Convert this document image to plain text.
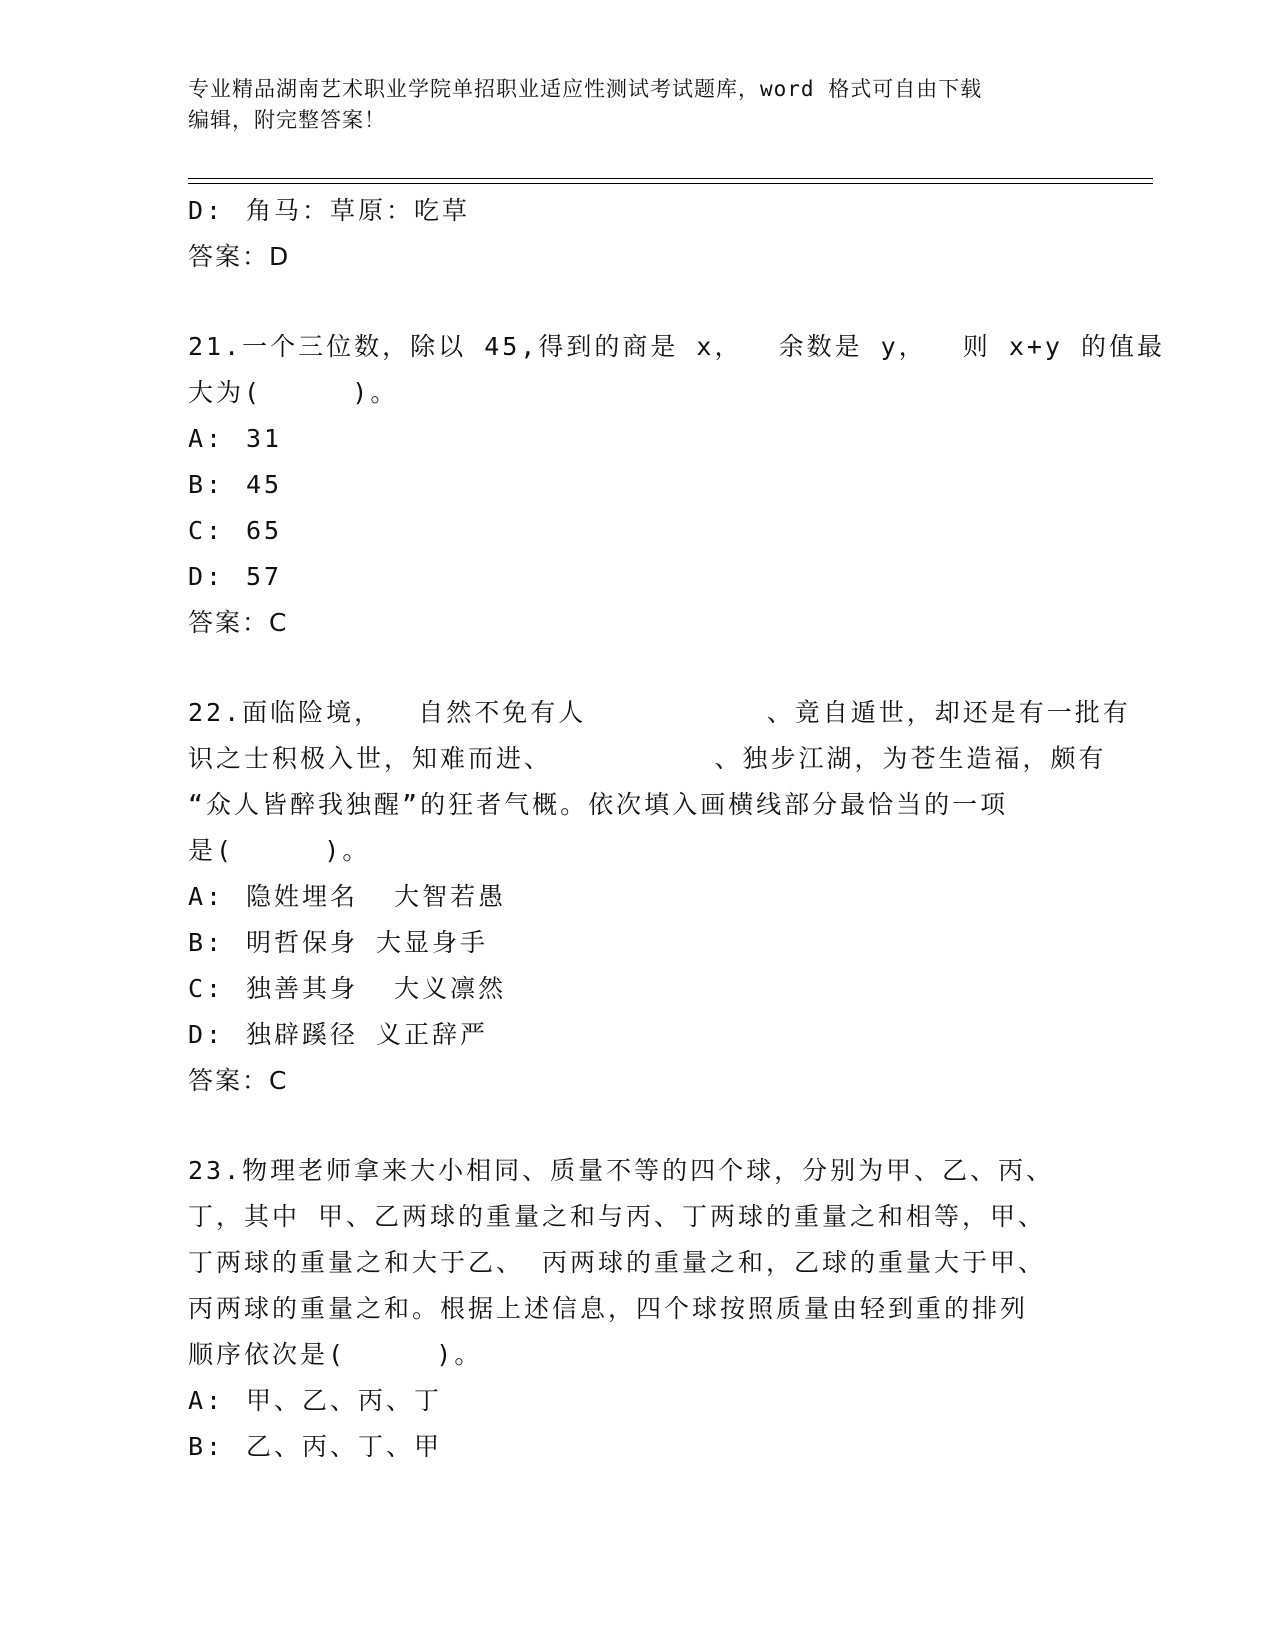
专业精品湖南艺术职业学院单招职业适应性测试考试题库，word 格式可自由下载
编辑，附完整答案！
D: 角马：草原：吃草
答案：D
21.一个三位数，除以 45,得到的商是 x，  余数是 y，  则 x+y 的值最
大为(     )。
A: 31
B: 45
C: 65
D: 57
答案：C
22.面临险境，  自然不免有人          、竟自遁世，却还是有一批有
识之士积极入世，知难而进、         、独步江湖，为苍生造福，颇有
“众人皆醉我独醒”的狂者气概。依次填入画横线部分最恰当的一项
是(     )。
A: 隐姓埋名  大智若愚
B: 明哲保身 大显身手
C: 独善其身  大义凛然
D: 独辟蹊径 义正辞严
答案：C
23.物理老师拿来大小相同、质量不等的四个球，分别为甲、乙、丙、
丁，其中 甲、乙两球的重量之和与丙、丁两球的重量之和相等，甲、
丁两球的重量之和大于乙、 丙两球的重量之和，乙球的重量大于甲、
丙两球的重量之和。根据上述信息，四个球按照质量由轻到重的排列
顺序依次是(     )。
A: 甲、乙、丙、丁
B: 乙、丙、丁、甲
